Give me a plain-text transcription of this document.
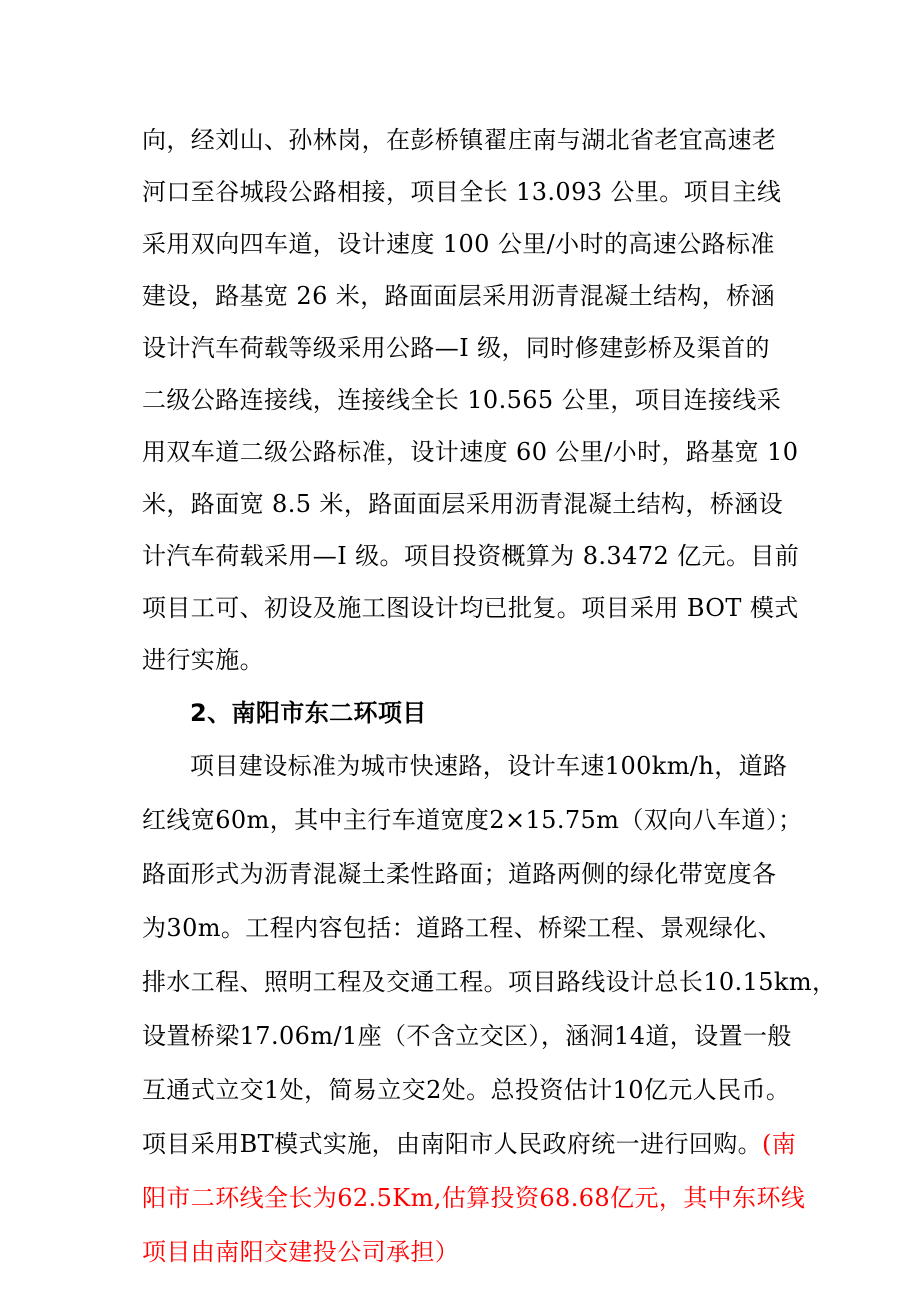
向，经刘山、孙林岗，在彭桥镇翟庄南与湖北省老宜高速老
河口至谷城段公路相接，项目全长 13.093 公里。项目主线
采用双向四车道，设计速度 100 公里/小时的高速公路标准
建设，路基宽 26 米，路面面层采用沥青混凝土结构，桥涵
设计汽车荷载等级采用公路—I 级，同时修建彭桥及渠首的
二级公路连接线，连接线全长 10.565 公里，项目连接线采
用双车道二级公路标准，设计速度 60 公里/小时，路基宽 10
米，路面宽 8.5 米，路面面层采用沥青混凝土结构，桥涵设
计汽车荷载采用—I 级。项目投资概算为 8.3472 亿元。目前
项目工可、初设及施工图设计均已批复。项目采用 BOT 模式
进行实施。
2、南阳市东二环项目
项目建设标准为城市快速路，设计车速100km/h，道路
红线宽60m，其中主行车道宽度2×15.75m（双向八车道）；
路面形式为沥青混凝土柔性路面；道路两侧的绿化带宽度各
为30m。工程内容包括：道路工程、桥梁工程、景观绿化、
排水工程、照明工程及交通工程。项目路线设计总长10.15km，
设置桥梁17.06m/1座（不含立交区），涵洞14道，设置一般
互通式立交1处，简易立交2处。总投资估计10亿元人民币。
项目采用BT模式实施，由南阳市人民政府统一进行回购。(南
阳市二环线全长为62.5Km,估算投资68.68亿元，其中东环线
项目由南阳交建投公司承担）
